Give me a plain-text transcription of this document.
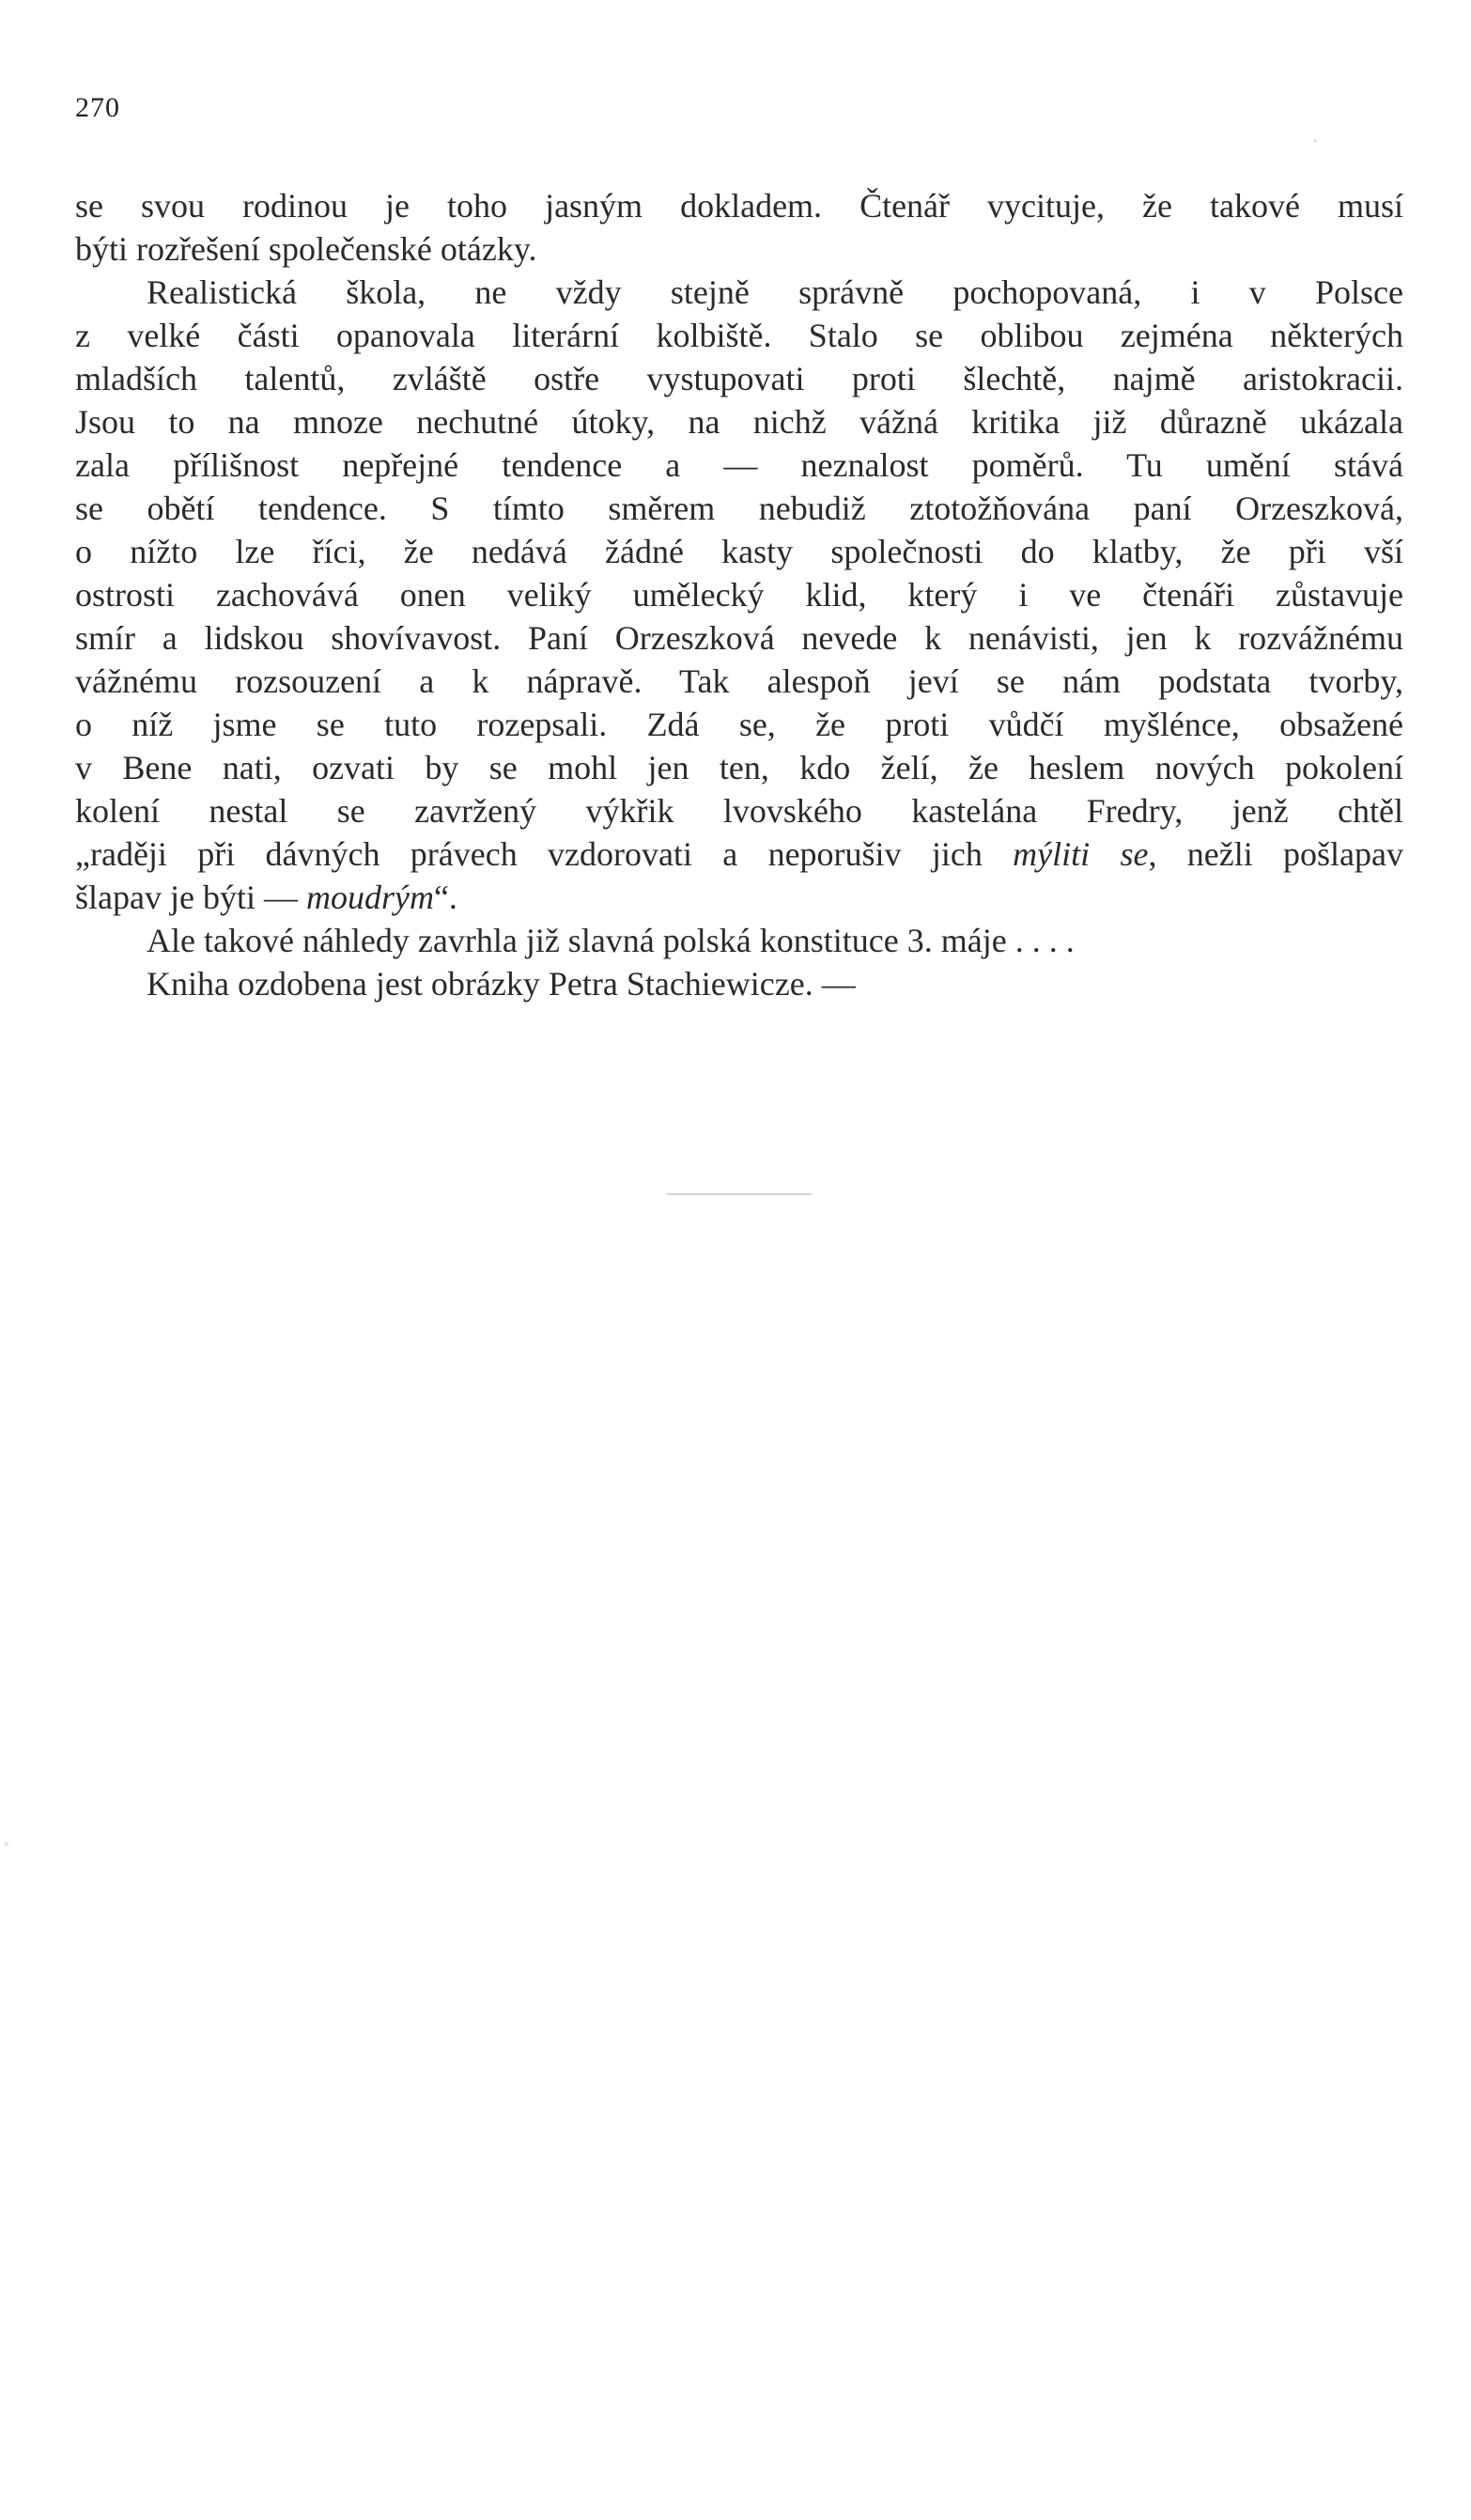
270
se svou rodinou je toho jasným dokladem. Čtenář vycituje, že takové musí
býti rozřešení společenské otázky.
Realistická škola, ne vždy stejně správně pochopovaná, i v Polsce
z velké části opanovala literární kolbiště. Stalo se oblibou zejména některých
mladších talentů, zvláště ostře vystupovati proti šlechtě, najmě aristokracii.
Jsou to na mnoze nechutné útoky, na nichž vážná kritika již důrazně ukázala
zala přílišnost nepřejné tendence a — neznalost poměrů. Tu umění stává
se obětí tendence. S tímto směrem nebudiž ztotožňována paní Orzeszková,
o nížto lze říci, že nedává žádné kasty společnosti do klatby, že při vší
ostrosti zachovává onen veliký umělecký klid, který i ve čtenáři zůstavuje
smír a lidskou shovívavost. Paní Orzeszková nevede k nenávisti, jen k rozvážnému
vážnému rozsouzení a k nápravě. Tak alespoň jeví se nám podstata tvorby,
o níž jsme se tuto rozepsali. Zdá se, že proti vůdčí myšlénce, obsažené
v Bene nati, ozvati by se mohl jen ten, kdo želí, že heslem nových pokolení
kolení nestal se zavržený výkřik lvovského kastelána Fredry, jenž chtěl
„raději při dávných právech vzdorovati a neporušiv jich mýliti se, nežli pošlapav
šlapav je býti — moudrým“.
Ale takové náhledy zavrhla již slavná polská konstituce 3. máje . . . .
Kniha ozdobena jest obrázky Petra Stachiewicze. —
